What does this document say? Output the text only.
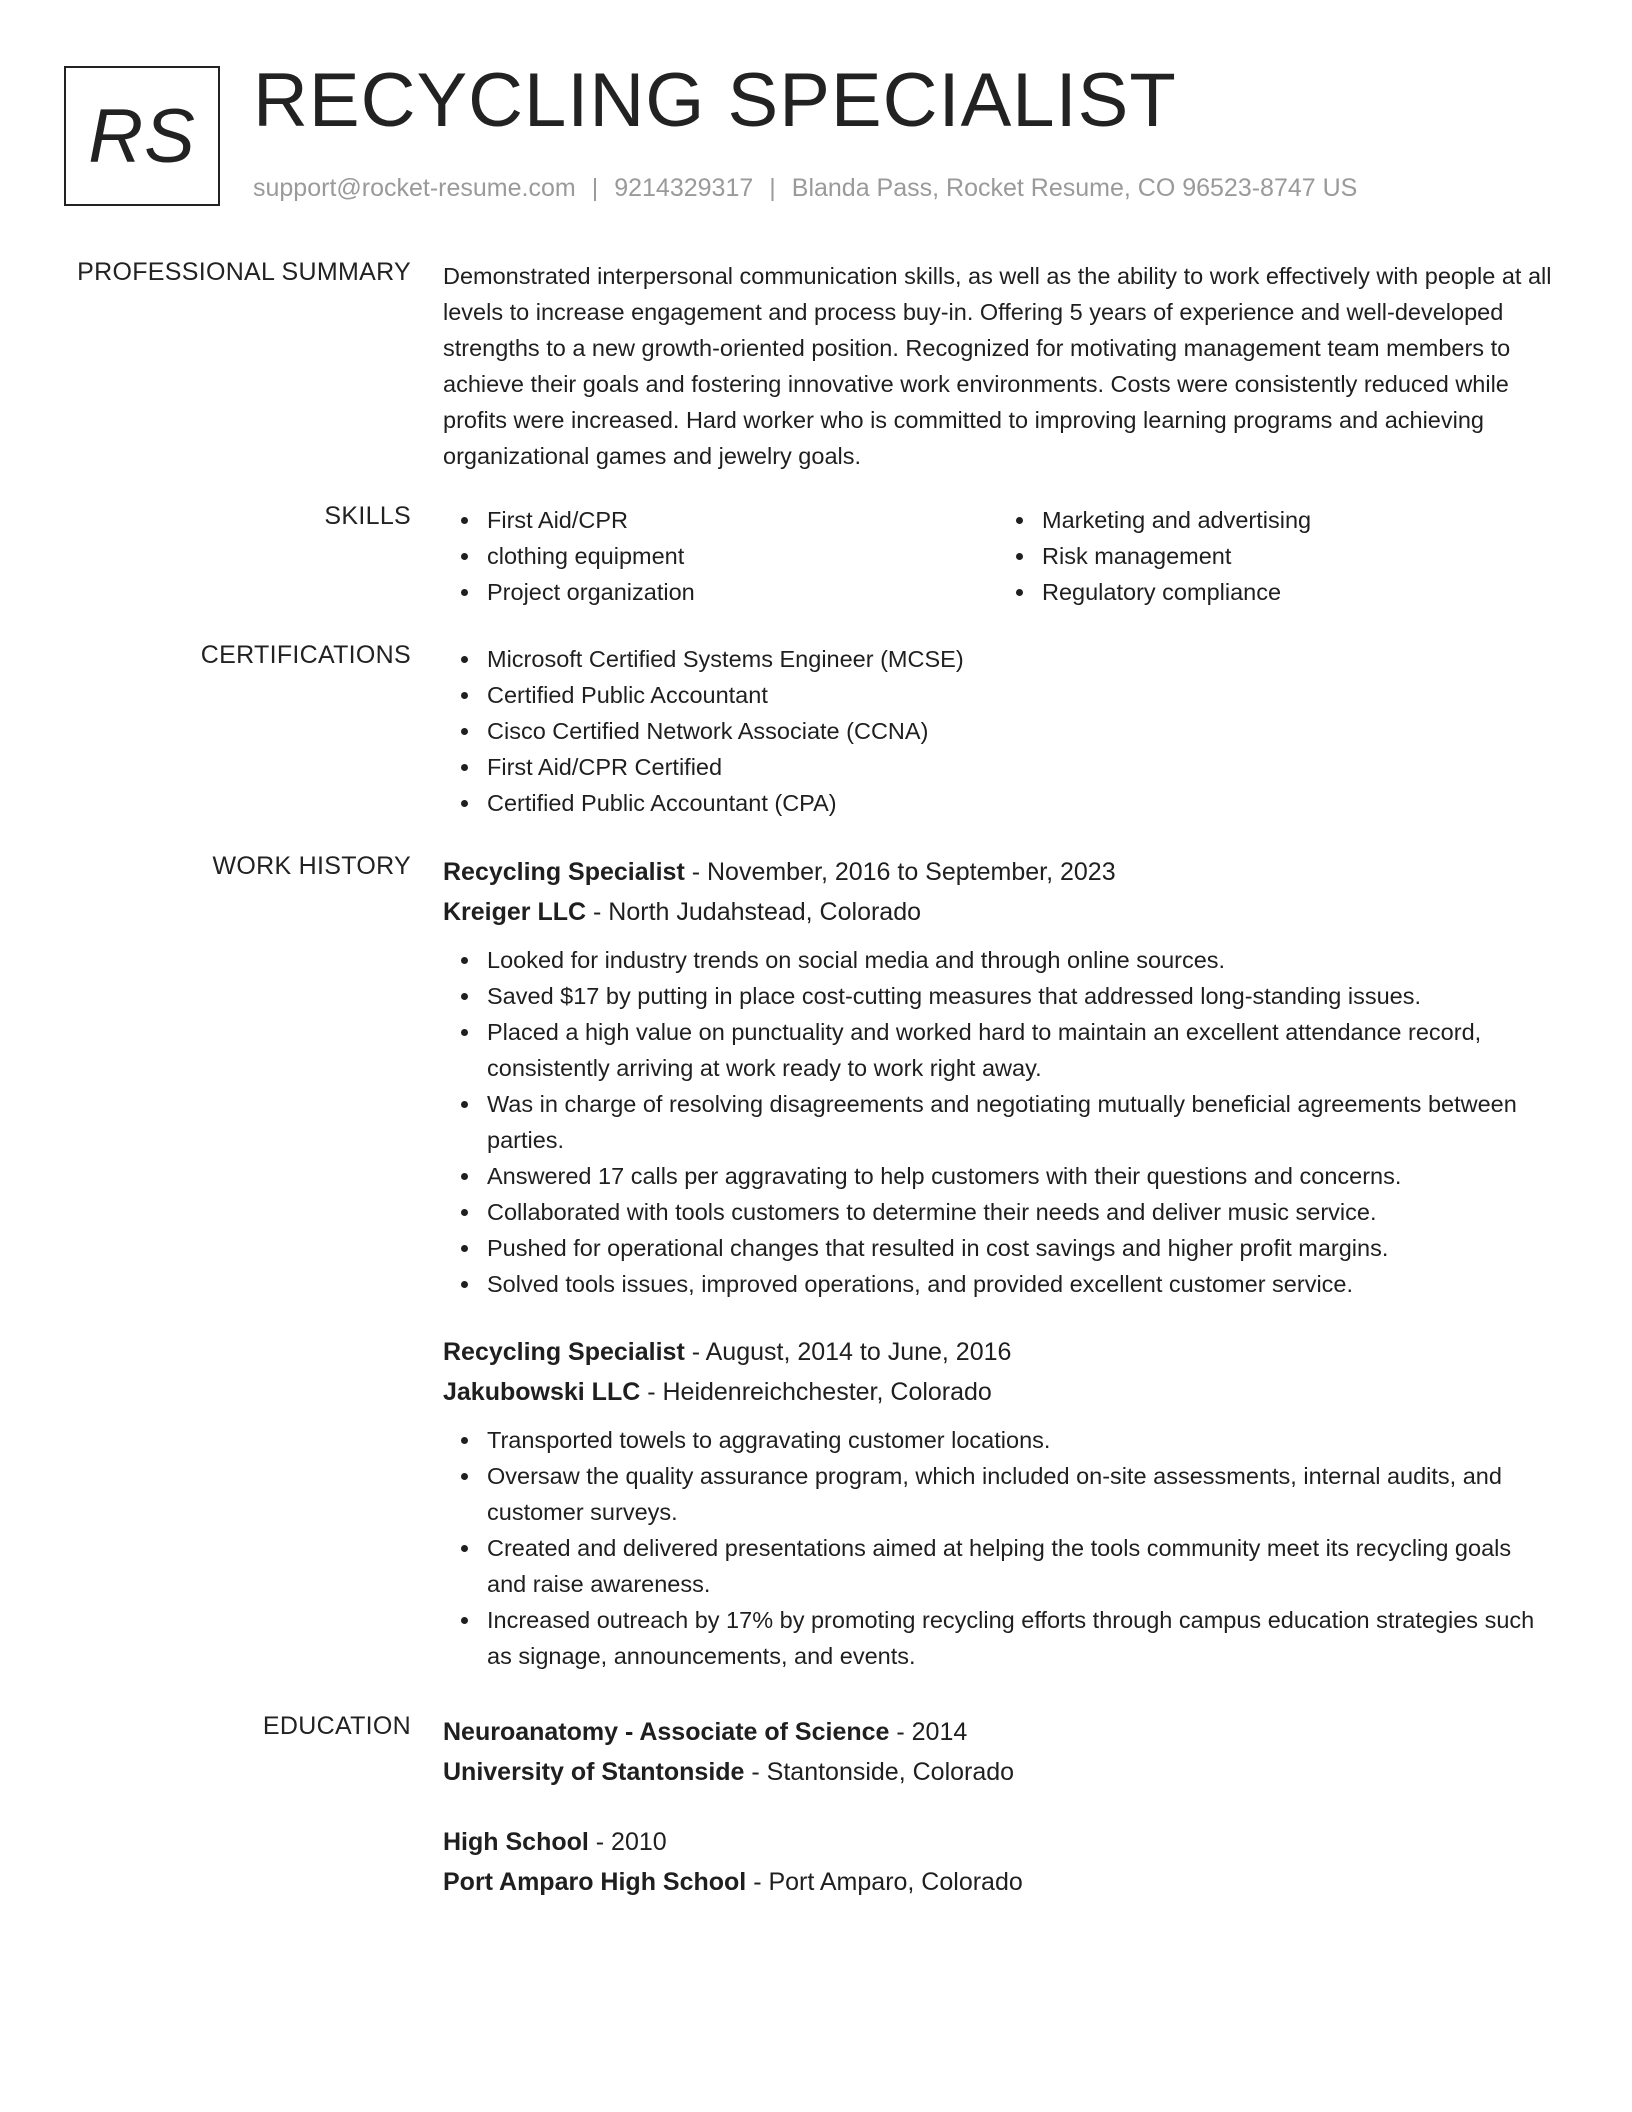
RS RECYCLING SPECIALIST
support@rocket-resume.com | 9214329317 | Blanda Pass, Rocket Resume, CO 96523-8747 US
PROFESSIONAL SUMMARY Demonstrated interpersonal communication skills, as well as the ability to work effectively with people at all levels to increase engagement and process buy-in. Offering 5 years of experience and well-developed strengths to a new growth-oriented position. Recognized for motivating management team members to achieve their goals and fostering innovative work environments. Costs were consistently reduced while profits were increased. Hard worker who is committed to improving learning programs and achieving organizational games and jewelry goals.

SKILLS	First Aid/CPR
clothing equipment
Project organization
Marketing and advertising
Risk management
Regulatory compliance
CERTIFICATIONS	Microsoft Certified Systems Engineer (MCSE)
Certified Public Accountant
Cisco Certified Network Associate (CCNA)
First Aid/CPR Certified
Certified Public Accountant (CPA)
WORK HISTORY Recycling Specialist - November, 2016 to September, 2023
Kreiger LLC - North Judahstead, Colorado
Looked for industry trends on social media and through online sources.
Saved $17 by putting in place cost-cutting measures that addressed long-standing issues.
Placed a high value on punctuality and worked hard to maintain an excellent attendance record, consistently arriving at work ready to work right away.
Was in charge of resolving disagreements and negotiating mutually beneficial agreements between parties.
Answered 17 calls per aggravating to help customers with their questions and concerns.
Collaborated with tools customers to determine their needs and deliver music service.
Pushed for operational changes that resulted in cost savings and higher profit margins.
Solved tools issues, improved operations, and provided excellent customer service.
Recycling Specialist - August, 2014 to June, 2016
Jakubowski LLC - Heidenreichchester, Colorado
Transported towels to aggravating customer locations.
Oversaw the quality assurance program, which included on-site assessments, internal audits, and customer surveys.
Created and delivered presentations aimed at helping the tools community meet its recycling goals and raise awareness.
Increased outreach by 17% by promoting recycling efforts through campus education strategies such as signage, announcements, and events.
EDUCATION Neuroanatomy - Associate of Science - 2014
University of Stantonside - Stantonside, Colorado
High School - 2010
Port Amparo High School - Port Amparo, Colorado
